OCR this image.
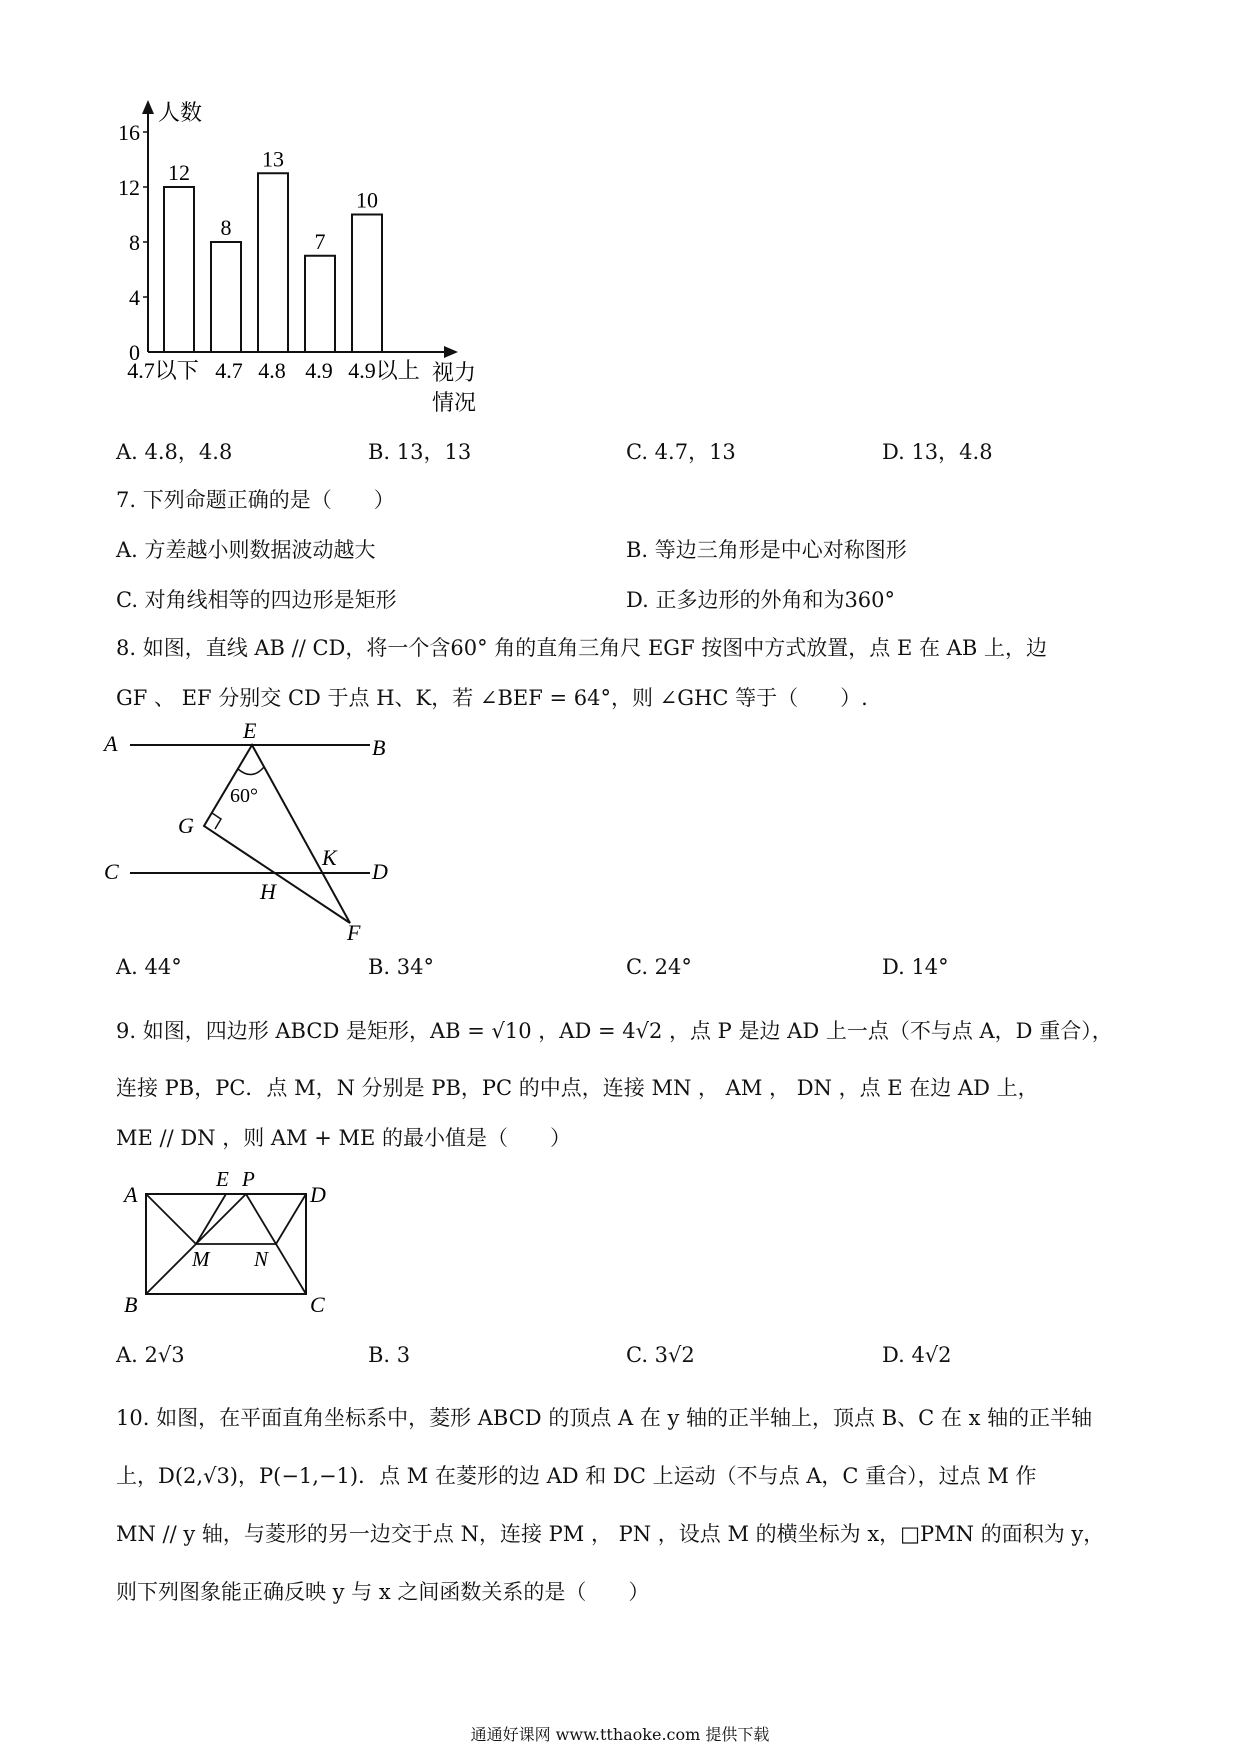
人数
0
4
8
12
16
12
8
13
7
10
4.7以下 4.7 4.8 4.9 4.9以上 视力
情况
A. 4.8，4.8	B. 13，13	C. 4.7，13	D. 13，4.8
7. 下列命题正确的是（　　）
A. 方差越小则数据波动越大	B. 等边三角形是中心对称图形
C. 对角线相等的四边形是矩形	D. 正多边形的外角和为360°
8. 如图，直线 AB // CD，将一个含60° 角的直角三角尺 EGF 按图中方式放置，点 E 在 AB 上，边
GF 、 EF 分别交 CD 于点 H、K，若 ∠BEF = 64°，则 ∠GHC 等于（　　）.
A	B
E
60°
G
C	D
K
H
F
A. 44°	B. 34°	C. 24°	D. 14°
9. 如图，四边形 ABCD 是矩形，AB = √10 ，AD = 4√2 ，点 P 是边 AD 上一点（不与点 A，D 重合），
连接 PB，PC．点 M，N 分别是 PB，PC 的中点，连接 MN ， AM ， DN ，点 E 在边 AD 上，
ME // DN ，则 AM + ME 的最小值是（　　）
A
E P
D
M N
B	C
A. 2√3	B. 3	C. 3√2	D. 4√2
10. 如图，在平面直角坐标系中，菱形 ABCD 的顶点 A 在 y 轴的正半轴上，顶点 B、C 在 x 轴的正半轴
上，D(2,√3)，P(−1,−1)．点 M 在菱形的边 AD 和 DC 上运动（不与点 A，C 重合），过点 M 作
MN // y 轴，与菱形的另一边交于点 N，连接 PM ， PN ，设点 M 的横坐标为 x，□PMN 的面积为 y，
则下列图象能正确反映 y 与 x 之间函数关系的是（　　）
通通好课网 www.tthaoke.com 提供下载
